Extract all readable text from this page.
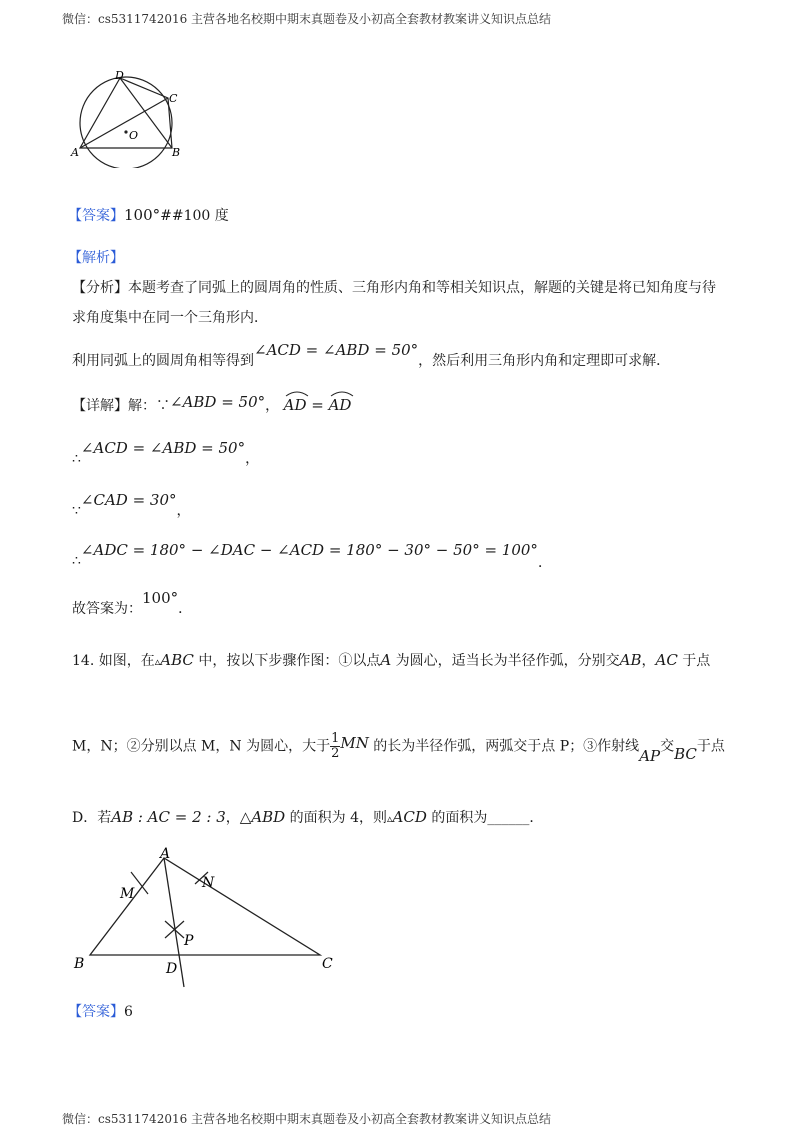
微信：cs5311742016 主营各地名校期中期末真题卷及小初高全套教材教案讲义知识点总结
D
C
O
A	B
【答案】100°##100 度
【解析】
【分析】本题考查了同弧上的圆周角的性质、三角形内角和等相关知识点，解题的关键是将已知角度与待
求角度集中在同一个三角形内．
利用同弧上的圆周角相等得到∠ACD = ∠ABD = 50°，然后利用三角形内角和定理即可求解．
【详解】解：∵∠ABD = 50°， AD =
AD
∴∠ACD = ∠ABD = 50°，
∵∠CAD = 30°，
∴∠ADC = 180° − ∠DAC − ∠ACD = 180° − 30° − 50° = 100°．
故答案为：100°．
14. 如图，在▵ABC 中，按以下步骤作图：①以点A 为圆心，适当长为半径作弧，分别交AB，AC 于点
M，N；②分别以点 M，N 为圆心，大于 $\frac{1}{2}$ MN 的长为半径作弧，两弧交于点 P；③作射线AP交BC于点
D．若AB : AC = 2 : 3，△ABD 的面积为 4，则▵ACD 的面积为______．
A
M
N
P
B	D	C
【答案】6
微信：cs5311742016 主营各地名校期中期末真题卷及小初高全套教材教案讲义知识点总结
